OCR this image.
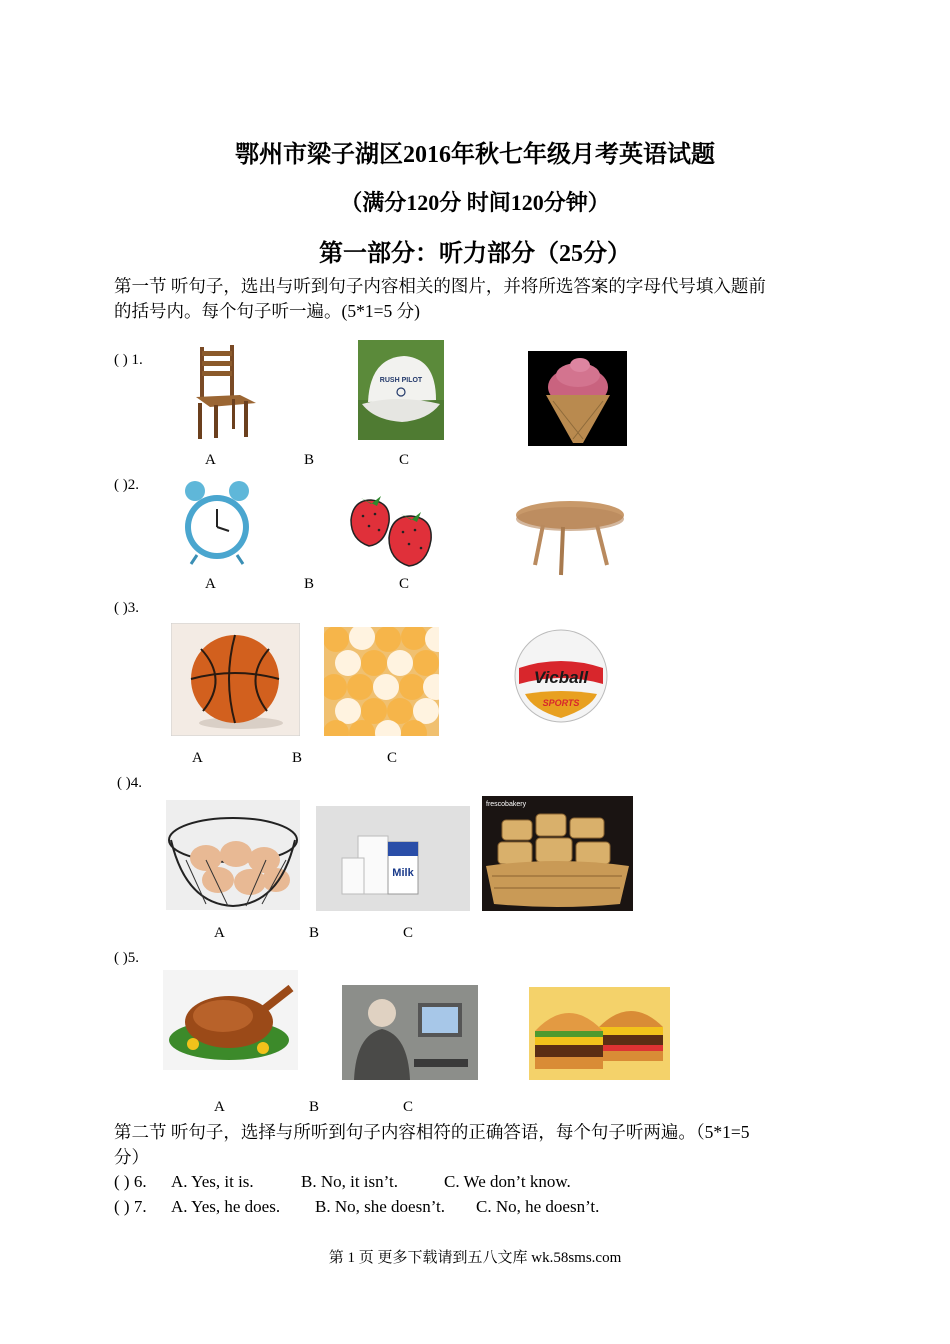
鄂州市梁子湖区2016年秋七年级月考英语试题
（满分120分 时间120分钟）
第一部分：听力部分（25分）
第一节 听句子，选出与听到句子内容相关的图片，并将所选答案的字母代号填入题前
的括号内。每个句子听一遍。(5*1=5 分)
( ) 1.
RUSH PILOT
A	B	C
( )2.
A	B	C
( )3.
Vicball
SPORTS
A	B	C
( )4.
Milk
frescobakery
A	B	C
( )5.
A	B	C
第二节 听句子，选择与所听到句子内容相符的正确答语，每个句子听两遍。（5*1=5
分）
( ) 6. A. Yes, it is.	B. No, it isn’t.	C. We don’t know.
( ) 7. A. Yes, he does. B. No, she doesn’t. C. No, he doesn’t.
第 1 页 更多下载请到五八文库 wk.58sms.com
